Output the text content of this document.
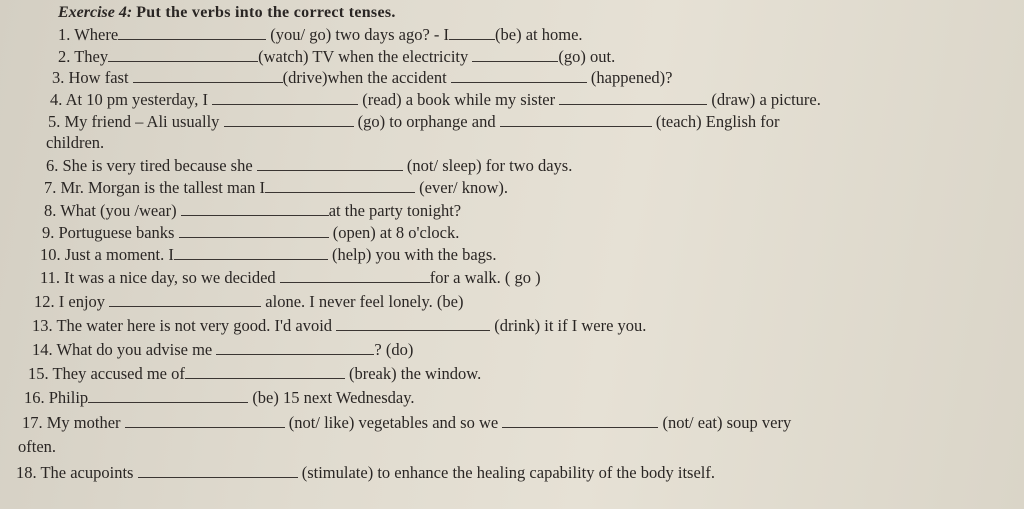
Exercise 4: Put the verbs into the correct tenses.
1. Where	(you/ go) two days ago? - I	(be) at home.
2. They	(watch) TV when the electricity	(go) out.
3. How fast	(drive)when the accident	(happened)?
4. At 10 pm yesterday, I	(read) a book while my sister	(draw) a picture.
5. My friend – Ali usually	(go) to orphange and	(teach) English for
children.
6. She is very tired because she	(not/ sleep) for two days.
7. Mr. Morgan is the tallest man I	(ever/ know).
8. What (you /wear)	at the party tonight?
9. Portuguese banks	(open) at 8 o'clock.
10. Just a moment. I	(help) you with the bags.
11. It was a nice day, so we decided	for a walk. ( go )
12. I enjoy	alone. I never feel lonely. (be)
13. The water here is not very good. I'd avoid	(drink) it if I were you.
14. What do you advise me	? (do)
15. They accused me of	(break) the window.
16. Philip	(be) 15 next Wednesday.
17. My mother	(not/ like) vegetables and so we	(not/ eat) soup very
often.
18. The acupoints	(stimulate) to enhance the healing capability of the body itself.
